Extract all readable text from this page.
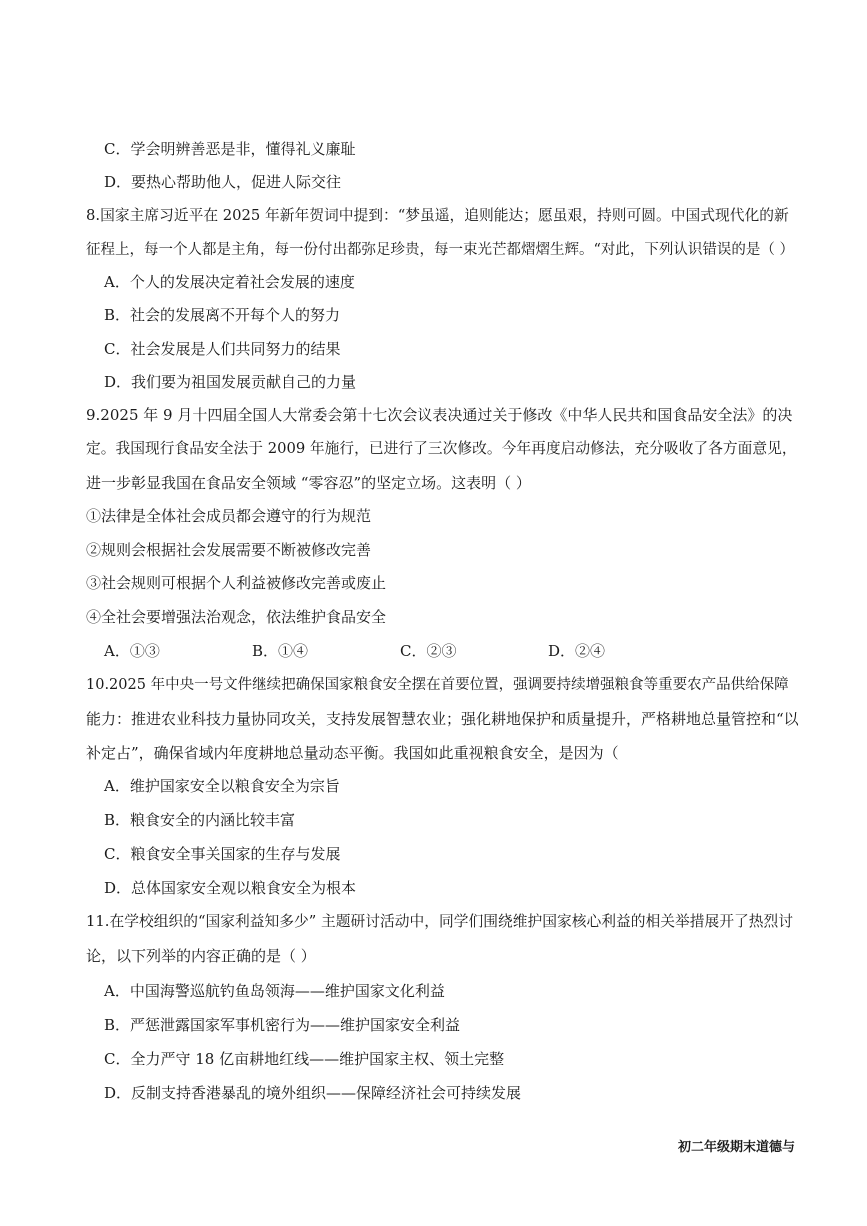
C．学会明辨善恶是非，懂得礼义廉耻
D．要热心帮助他人，促进人际交往
8.国家主席习近平在 2025 年新年贺词中提到：“梦虽遥，追则能达；愿虽艰，持则可圆。中国式现代化的新
征程上，每一个人都是主角，每一份付出都弥足珍贵，每一束光芒都熠熠生辉。“对此，下列认识错误的是（ ）
A．个人的发展决定着社会发展的速度
B．社会的发展离不开每个人的努力
C．社会发展是人们共同努力的结果
D．我们要为祖国发展贡献自己的力量
9.2025 年 9 月十四届全国人大常委会第十七次会议表决通过关于修改《中华人民共和国食品安全法》的决
定。我国现行食品安全法于 2009 年施行，已进行了三次修改。今年再度启动修法，充分吸收了各方面意见，
进一步彰显我国在食品安全领域 “零容忍”的坚定立场。这表明（ ）
①法律是全体社会成员都会遵守的行为规范
②规则会根据社会发展需要不断被修改完善
③社会规则可根据个人利益被修改完善或废止
④全社会要增强法治观念，依法维护食品安全
A．①③	B．①④	C．②③	D．②④
10.2025 年中央一号文件继续把确保国家粮食安全摆在首要位置，强调要持续增强粮食等重要农产品供给保障
能力：推进农业科技力量协同攻关，支持发展智慧农业；强化耕地保护和质量提升，严格耕地总量管控和“以
补定占”，确保省域内年度耕地总量动态平衡。我国如此重视粮食安全，是因为（
A．维护国家安全以粮食安全为宗旨
B．粮食安全的内涵比较丰富
C．粮食安全事关国家的生存与发展
D．总体国家安全观以粮食安全为根本
11.在学校组织的“国家利益知多少” 主题研讨活动中，同学们围绕维护国家核心利益的相关举措展开了热烈讨
论，以下列举的内容正确的是（ ）
A．中国海警巡航钓鱼岛领海——维护国家文化利益
B．严惩泄露国家军事机密行为——维护国家安全利益
C．全力严守 18 亿亩耕地红线——维护国家主权、领土完整
D．反制支持香港暴乱的境外组织——保障经济社会可持续发展
初二年级期末道德与
